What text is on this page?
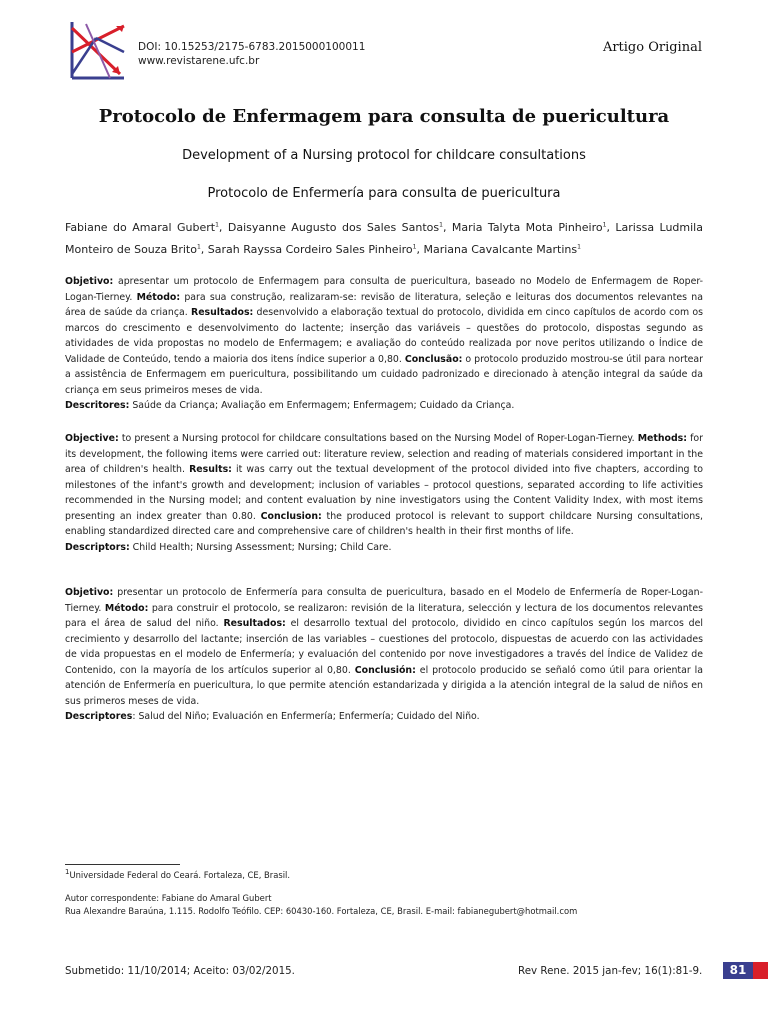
DOI: 10.15253/2175-6783.2015000100011
www.revistarene.ufc.br
Artigo Original
Protocolo de Enfermagem para consulta de puericultura
Development of a Nursing protocol for childcare consultations
Protocolo de Enfermería para consulta de puericultura
Fabiane do Amaral Gubert$^1$, Daisyanne Augusto dos Sales Santos$^1$, Maria Talyta Mota Pinheiro$^1$, Larissa Ludmila Monteiro de Souza Brito$^1$, Sarah Rayssa Cordeiro Sales Pinheiro$^1$, Mariana Cavalcante Martins$^1$
Objetivo: apresentar um protocolo de Enfermagem para consulta de puericultura, baseado no Modelo de Enfermagem de Roper-Logan-Tierney. Método: para sua construção, realizaram-se: revisão de literatura, seleção e leituras dos documentos relevantes na área de saúde da criança. Resultados: desenvolvido a elaboração textual do protocolo, dividida em cinco capítulos de acordo com os marcos do crescimento e desenvolvimento do lactente; inserção das variáveis – questões do protocolo, dispostas segundo as atividades de vida propostas no modelo de Enfermagem; e avaliação do conteúdo realizada por nove peritos utilizando o Índice de Validade de Conteúdo, tendo a maioria dos itens índice superior a 0,80. Conclusão: o protocolo produzido mostrou-se útil para nortear a assistência de Enfermagem em puericultura, possibilitando um cuidado padronizado e direcionado à atenção integral da saúde da criança em seus primeiros meses de vida.
Descritores: Saúde da Criança; Avaliação em Enfermagem; Enfermagem; Cuidado da Criança.
Objective: to present a Nursing protocol for childcare consultations based on the Nursing Model of Roper-Logan-Tierney. Methods: for its development, the following items were carried out: literature review, selection and reading of materials considered important in the area of children's health. Results: it was carry out the textual development of the protocol divided into five chapters, according to milestones of the infant's growth and development; inclusion of variables – protocol questions, separated according to life activities recommended in the Nursing model; and content evaluation by nine investigators using the Content Validity Index, with most items presenting an index greater than 0.80. Conclusion: the produced protocol is relevant to support childcare Nursing consultations, enabling standardized directed care and comprehensive care of children's health in their first months of life.
Descriptors: Child Health; Nursing Assessment; Nursing; Child Care.
Objetivo: presentar un protocolo de Enfermería para consulta de puericultura, basado en el Modelo de Enfermería de Roper-Logan-Tierney. Método: para construir el protocolo, se realizaron: revisión de la literatura, selección y lectura de los documentos relevantes para el área de salud del niño. Resultados: el desarrollo textual del protocolo, dividido en cinco capítulos según los marcos del crecimiento y desarrollo del lactante; inserción de las variables – cuestiones del protocolo, dispuestas de acuerdo con las actividades de vida propuestas en el modelo de Enfermería; y evaluación del contenido por nove investigadores a través del Índice de Validez de Contenido, con la mayoría de los artículos superior al 0,80. Conclusión: el protocolo producido se señaló como útil para orientar la atención de Enfermería en puericultura, lo que permite atención estandarizada y dirigida a la atención integral de la salud de niños en sus primeros meses de vida.
Descriptores: Salud del Niño; Evaluación en Enfermería; Enfermería; Cuidado del Niño.
$^1$Universidade Federal do Ceará. Fortaleza, CE, Brasil.
Autor correspondente: Fabiane do Amaral Gubert
Rua Alexandre Baraúna, 1.115. Rodolfo Teófilo. CEP: 60430-160. Fortaleza, CE, Brasil. E-mail: fabianegubert@hotmail.com
Submetido: 11/10/2014; Aceito: 03/02/2015.	Rev Rene. 2015 jan-fev; 16(1):81-9.	81
